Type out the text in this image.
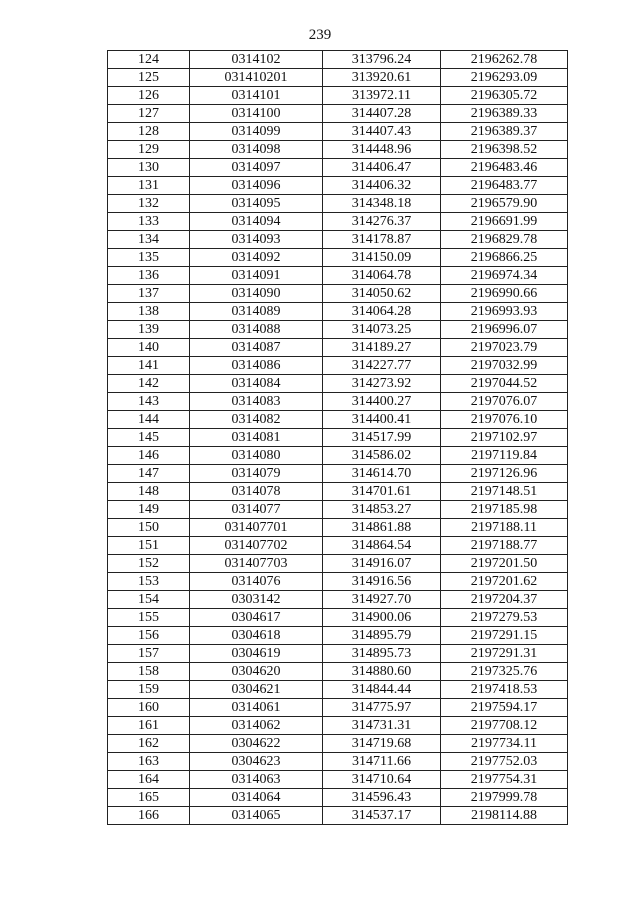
239
124	0314102	313796.24	2196262.78
125	031410201	313920.61	2196293.09
126	0314101	313972.11	2196305.72
127	0314100	314407.28	2196389.33
128	0314099	314407.43	2196389.37
129	0314098	314448.96	2196398.52
130	0314097	314406.47	2196483.46
131	0314096	314406.32	2196483.77
132	0314095	314348.18	2196579.90
133	0314094	314276.37	2196691.99
134	0314093	314178.87	2196829.78
135	0314092	314150.09	2196866.25
136	0314091	314064.78	2196974.34
137	0314090	314050.62	2196990.66
138	0314089	314064.28	2196993.93
139	0314088	314073.25	2196996.07
140	0314087	314189.27	2197023.79
141	0314086	314227.77	2197032.99
142	0314084	314273.92	2197044.52
143	0314083	314400.27	2197076.07
144	0314082	314400.41	2197076.10
145	0314081	314517.99	2197102.97
146	0314080	314586.02	2197119.84
147	0314079	314614.70	2197126.96
148	0314078	314701.61	2197148.51
149	0314077	314853.27	2197185.98
150	031407701	314861.88	2197188.11
151	031407702	314864.54	2197188.77
152	031407703	314916.07	2197201.50
153	0314076	314916.56	2197201.62
154	0303142	314927.70	2197204.37
155	0304617	314900.06	2197279.53
156	0304618	314895.79	2197291.15
157	0304619	314895.73	2197291.31
158	0304620	314880.60	2197325.76
159	0304621	314844.44	2197418.53
160	0314061	314775.97	2197594.17
161	0314062	314731.31	2197708.12
162	0304622	314719.68	2197734.11
163	0304623	314711.66	2197752.03
164	0314063	314710.64	2197754.31
165	0314064	314596.43	2197999.78
166	0314065	314537.17	2198114.88
